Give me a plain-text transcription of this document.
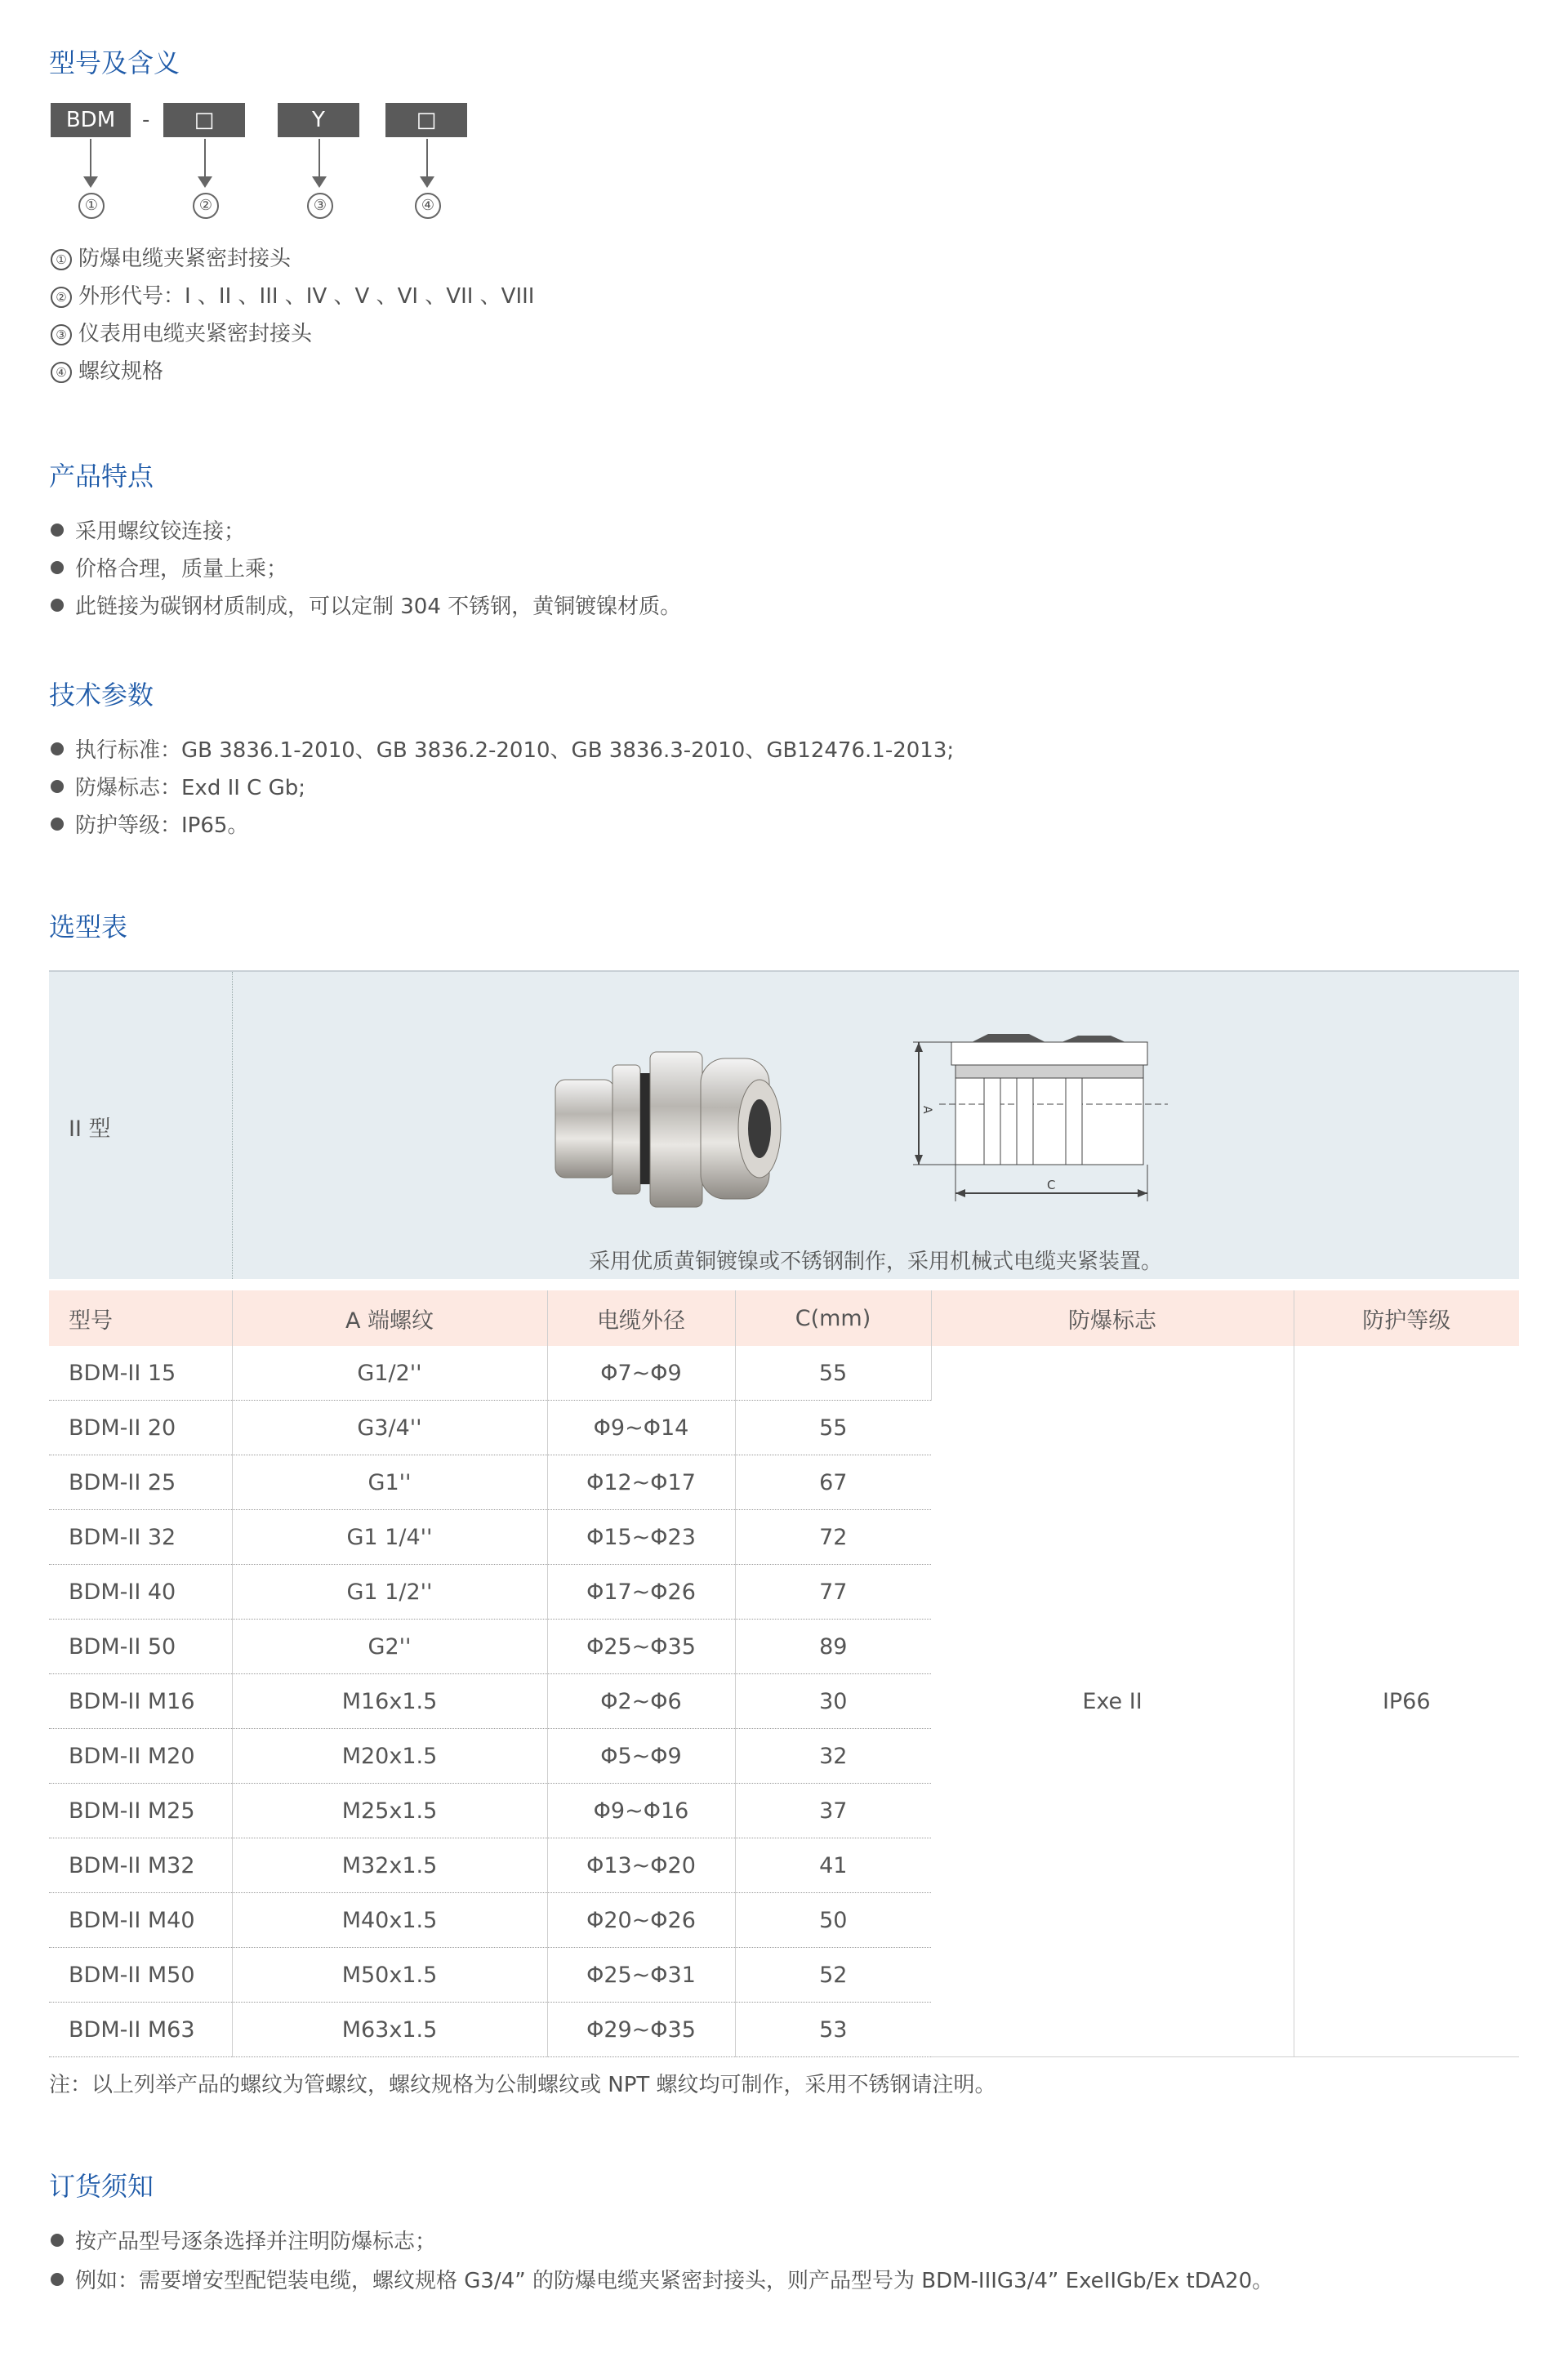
型号及含义
BDM	-	□	Y	□
①	②	③	④
① 防爆电缆夹紧密封接头
② 外形代号：I 、II 、III 、IV 、V 、VI 、VII 、VIII
③ 仪表用电缆夹紧密封接头
④ 螺纹规格
产品特点
采用螺纹铰连接；
价格合理，质量上乘；
此链接为碳钢材质制成，可以定制 304 不锈钢，黄铜镀镍材质。
技术参数
执行标准：GB 3836.1-2010、GB 3836.2-2010、GB 3836.3-2010、GB12476.1-2013;
防爆标志：Exd II C Gb;
防护等级：IP65。
选型表
II 型
A
C
采用优质黄铜镀镍或不锈钢制作，采用机械式电缆夹紧装置。
型号	A 端螺纹	电缆外径	C(mm)	防爆标志	防护等级
BDM-II 15	G1/2''	Φ7~Φ9	55	Exe II	IP66
BDM-II 20	G3/4''	Φ9~Φ14	55		
BDM-II 25	G1''	Φ12~Φ17	67		
BDM-II 32	G1 1/4''	Φ15~Φ23	72		
BDM-II 40	G1 1/2''	Φ17~Φ26	77		
BDM-II 50	G2''	Φ25~Φ35	89		
BDM-II M16	M16x1.5	Φ2~Φ6	30		
BDM-II M20	M20x1.5	Φ5~Φ9	32		
BDM-II M25	M25x1.5	Φ9~Φ16	37		
BDM-II M32	M32x1.5	Φ13~Φ20	41		
BDM-II M40	M40x1.5	Φ20~Φ26	50		
BDM-II M50	M50x1.5	Φ25~Φ31	52		
BDM-II M63	M63x1.5	Φ29~Φ35	53		
注：以上列举产品的螺纹为管螺纹，螺纹规格为公制螺纹或 NPT 螺纹均可制作，采用不锈钢请注明。
订货须知
按产品型号逐条选择并注明防爆标志；
例如：需要增安型配铠装电缆，螺纹规格 G3/4” 的防爆电缆夹紧密封接头，则产品型号为 BDM-IIIG3/4” ExeIIGb/Ex tDA20。
